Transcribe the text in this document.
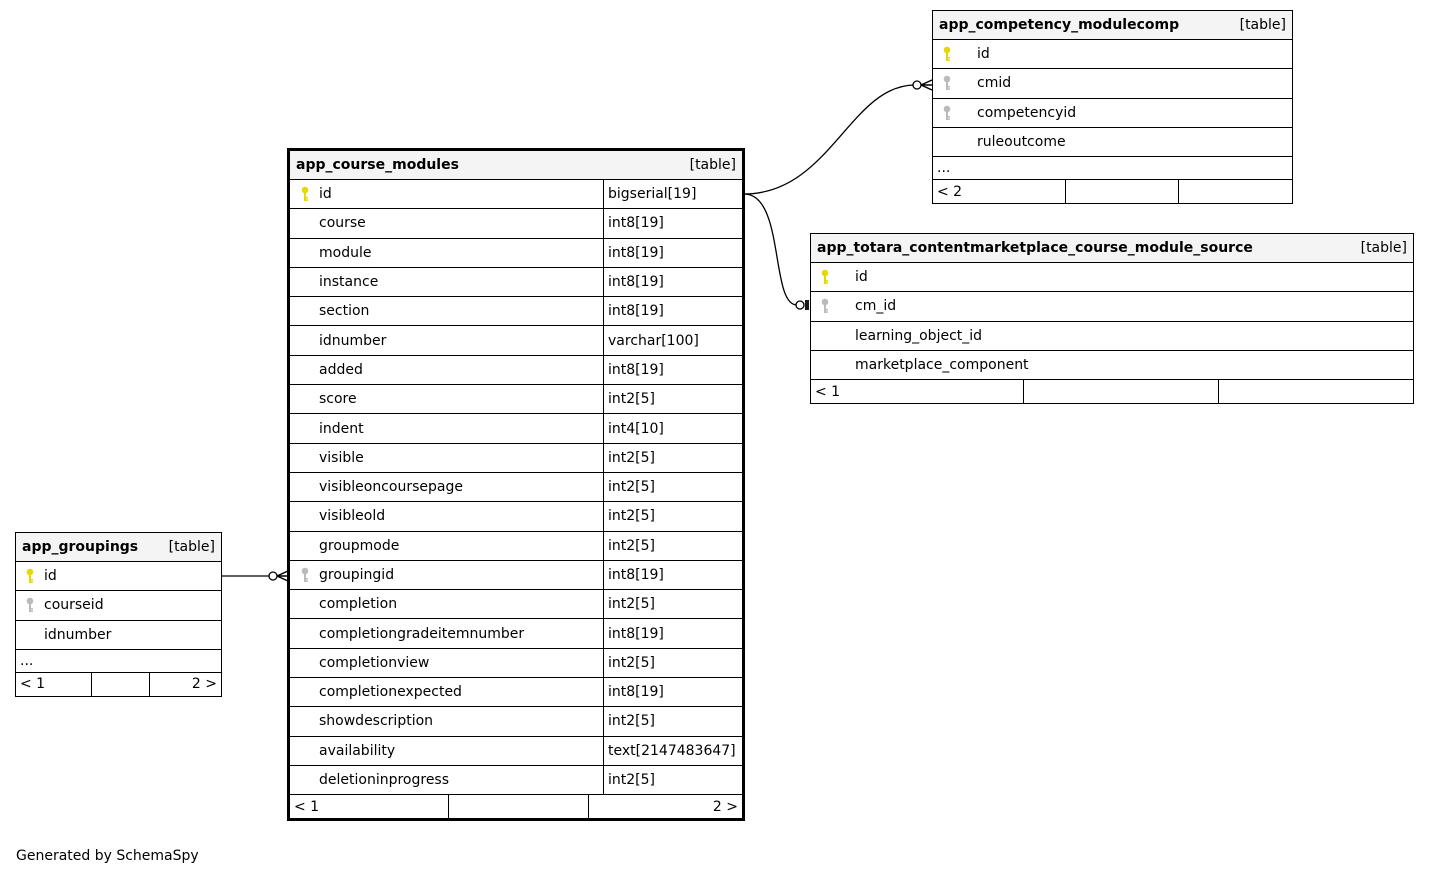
app_course_modules	[table]
id	bigserial[19]
course	int8[19]
module	int8[19]
instance	int8[19]
section	int8[19]
idnumber	varchar[100]
added	int8[19]
score	int2[5]
indent	int4[10]
visible	int2[5]
visibleoncoursepage	int2[5]
visibleold	int2[5]
groupmode	int2[5]
groupingid	int8[19]
completion	int2[5]
completiongradeitemnumber	int8[19]
completionview	int2[5]
completionexpected	int8[19]
showdescription	int2[5]
availability	text[2147483647]
deletioninprogress	int2[5]
< 1	2 >
app_competency_modulecomp	[table]
id
cmid
competencyid
ruleoutcome
...
< 2
app_totara_contentmarketplace_course_module_source	[table]
id
cm_id
learning_object_id
marketplace_component
< 1
app_groupings [table]
id
courseid
idnumber
...
< 1	2 >
Generated by SchemaSpy
